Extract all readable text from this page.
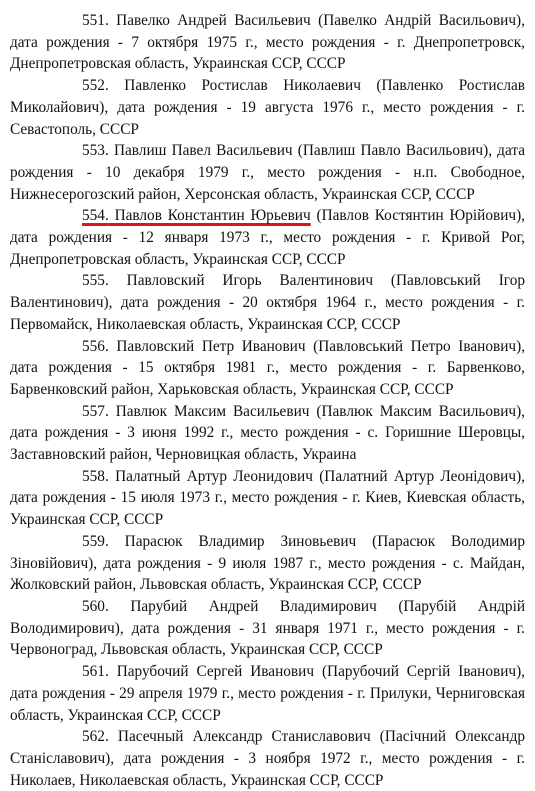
551. Павелко Андрей Васильевич (Павелко Андрій Васильович), дата рождения - 7 октября 1975 г., место рождения - г. Днепропетровск, Днепропетровская область, Украинская ССР, СССР

552. Павленко Ростислав Николаевич (Павленко Ростислав Миколайович), дата рождения - 19 августа 1976 г., место рождения - г. Севастополь, СССР

553. Павлиш Павел Васильевич (Павлиш Павло Васильович), дата рождения - 10 декабря 1979 г., место рождения - н.п. Свободное, Нижнесерогозский район, Херсонская область, Украинская ССР, СССР

554. Павлов Константин Юрьевич (Павлов Костянтин Юрійович), дата рождения - 12 января 1973 г., место рождения - г. Кривой Рог, Днепропетровская область, Украинская ССР, СССР

555. Павловский Игорь Валентинович (Павловський Iгор Валентинович), дата рождения - 20 октября 1964 г., место рождения - г. Первомайск, Николаевская область, Украинская ССР, СССР

556. Павловский Петр Иванович (Павловський Петро Iванович), дата рождения - 15 октября 1981 г., место рождения - г. Барвенково, Барвенковский район, Харьковская область, Украинская ССР, СССР

557. Павлюк Максим Васильевич (Павлюк Максим Васильович), дата рождения - 3 июня 1992 г., место рождения - с. Горишние Шеровцы, Заставновский район, Черновицкая область, Украина

558. Палатный Артур Леонидович (Палатний Артур Леонiдович), дата рождения - 15 июля 1973 г., место рождения - г. Киев, Киевская область, Украинская ССР, СССР

559. Парасюк Владимир Зиновьевич (Парасюк Володимир Зіновійович), дата рождения - 9 июля 1987 г., место рождения - с. Майдан, Жолковский район, Львовская область, Украинская ССР, СССР

560. Парубий Андрей Владимирович (Парубiй Андрiй Володимирович), дата рождения - 31 января 1971 г., место рождения - г. Червоноград, Львовская область, Украинская ССР, СССР

561. Парубочий Сергей Иванович (Парубочий Сергiй Iванович), дата рождения - 29 апреля 1979 г., место рождения - г. Прилуки, Черниговская область, Украинская ССР, СССР

562. Пасечный Александр Станиславович (Пасiчний Олександр Станiславович), дата рождения - 3 ноября 1972 г., место рождения - г. Николаев, Николаевская область, Украинская ССР, СССР
